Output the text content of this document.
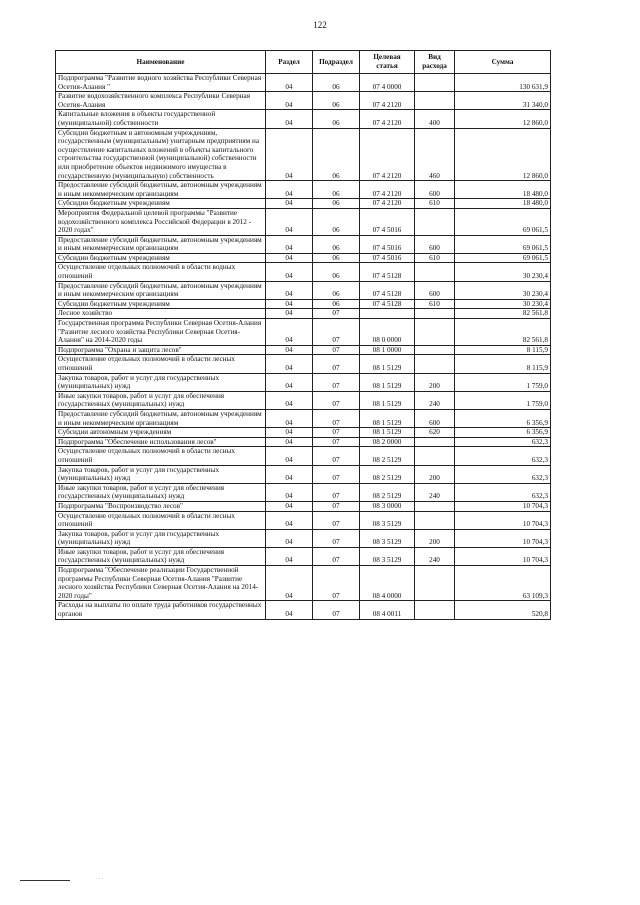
122
Наименование	Раздел	Подраздел	Целевая статья	Вид расхода	Сумма
Подпрограмма "Развитие водного хозяйства Республики Северная Осетия-Алания "	04	06	07 4 0000		130 631,9
Развитие водохозяйственного комплекса Республики Северная Осетия-Алания	04	06	07 4 2120		31 340,0
Капитальные вложения в объекты государственной (муниципальной) собственности	04	06	07 4 2120	400	12 860,0
Субсидии бюджетным и автономным учреждениям, государственным (муниципальным) унитарным предприятиям на осуществление капитальных вложений в объекты капитального строительства государственной (муниципальной) собственности или приобретение объектов недвижимого имущества в государственную (муниципальную) собственность	04	06	07 4 2120	460	12 860,0
Предоставление субсидий бюджетным, автономным учреждениям и иным некоммерческим организациям	04	06	07 4 2120	600	18 480,0
Субсидии бюджетным учреждениям	04	06	07 4 2120	610	18 480,0
Мероприятия Федеральной целевой программы "Развитие водохозяйственного комплекса Российской Федерации в 2012 - 2020 годах"	04	06	07 4 5016		69 061,5
Предоставление субсидий бюджетным, автономным учреждениям и иным некоммерческим организациям	04	06	07 4 5016	600	69 061,5
Субсидии бюджетным учреждениям	04	06	07 4 5016	610	69 061,5
Осуществление отдельных полномочий в области водных отношений	04	06	07 4 5128		30 230,4
Предоставление субсидий бюджетным, автономным учреждениям и иным некоммерческим организациям	04	06	07 4 5128	600	30 230,4
Субсидии бюджетным учреждениям	04	06	07 4 5128	610	30 230,4
Лесное хозяйство	04	07			82 561,8
Государственная программа Республики Северная Осетия-Алания "Развитие лесного хозяйства Республики Северная Осетия-Алания" на 2014-2020 годы	04	07	08 0 0000		82 561,8
Подпрограмма "Охрана и защита лесов"	04	07	08 1 0000		8 115,9
Осуществление отдельных полномочий в области лесных отношений	04	07	08 1 5129		8 115,9
Закупка товаров, работ и услуг для государственных (муниципальных) нужд	04	07	08 1 5129	200	1 759,0
Иные закупки товаров, работ и услуг для обеспечения государственных (муниципальных) нужд	04	07	08 1 5129	240	1 759,0
Предоставление субсидий бюджетным, автономным учреждениям и иным некоммерческим организациям	04	07	08 1 5129	600	6 356,9
Субсидии автономным учреждениям	04	07	08 1 5129	620	6 356,9
Подпрограмма "Обеспечение использования лесов"	04	07	08 2 0000		632,3
Осуществление отдельных полномочий в области лесных отношений	04	07	08 2 5129		632,3
Закупка товаров, работ и услуг для государственных (муниципальных) нужд	04	07	08 2 5129	200	632,3
Иные закупки товаров, работ и услуг для обеспечения государственных (муниципальных) нужд	04	07	08 2 5129	240	632,3
Подпрограмма "Воспроизводство лесов"	04	07	08 3 0000		10 704,3
Осуществление отдельных полномочий в области лесных отношений	04	07	08 3 5129		10 704,3
Закупка товаров, работ и услуг для государственных (муниципальных) нужд	04	07	08 3 5129	200	10 704,3
Иные закупки товаров, работ и услуг для обеспечения государственных (муниципальных) нужд	04	07	08 3 5129	240	10 704,3
Подпрограмма "Обеспечение реализации Государственной программы Республики Северная Осетия-Алания "Развитие лесного хозяйства Республики Северная Осетия-Алания на 2014-2020 годы"	04	07	08 4 0000		63 109,3
Расходы на выплаты по оплате труда работников государственных органов	04	07	08 4 0011		520,8
· · ·
